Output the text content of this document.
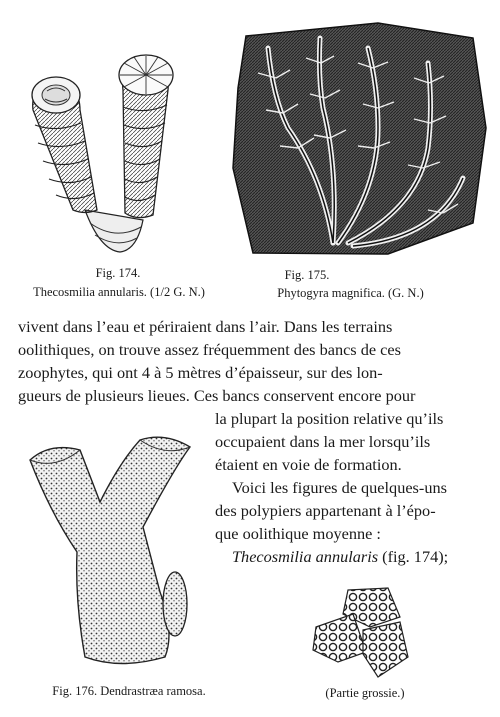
Fig. 174.
Thecosmilia annularis. (1/2 G. N.)
Fig. 175.
Phytogyra magnifica. (G. N.)
vivent dans l’eau et périraient dans l’air. Dans les terrains
oolithiques, on trouve assez fréquemment des bancs de ces
zoophytes, qui ont 4 à 5 mètres d’épaisseur, sur des lon-
gueurs de plusieurs lieues. Ces bancs conservent encore pour
la plupart la position relative qu’ils
occupaient dans la mer lorsqu’ils
étaient en voie de formation.
Voici les figures de quelques-uns
des polypiers appartenant à l’épo-
que oolithique moyenne :
Thecosmilia annularis (fig. 174);
Fig. 176. Dendrastræa ramosa.	(Partie grossie.)
